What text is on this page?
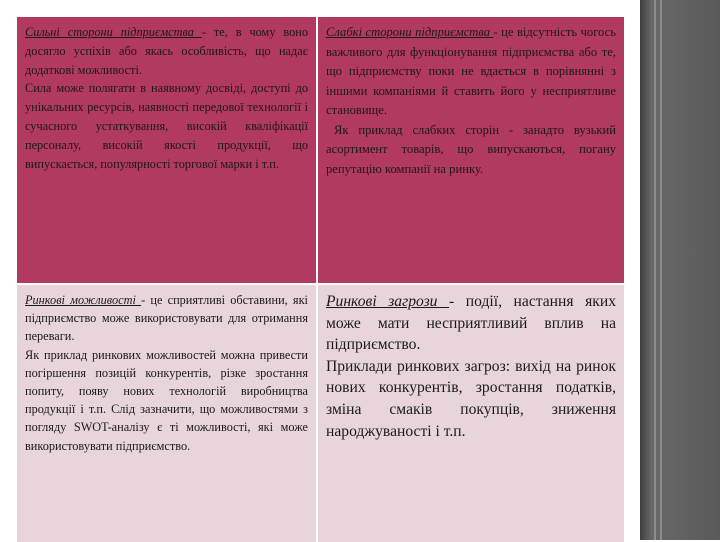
Сильні сторони підприємства - те, в чому воно досягло успіхів або якась особливість, що надає додаткові можливості.

Сила може полягати в наявному досвіді, доступі до унікальних ресурсів, наявності передової технології і сучасного устаткування, високій кваліфікації персоналу, високій якості продукції, що випускається, популярності торгової марки і т.п.

Слабкі сторони підприємства - це відсутність чогось важливого для функціонування підприємства або те, що підприємству поки не вдається в порівнянні з іншими компаніями й ставить його у несприятливе становище.

Як приклад слабких сторін - занадто вузький асортимент товарів, що випускаються, погану репутацію компанії на ринку.

Ринкові можливості - це сприятливі обставини, які підприємство може використовувати для отримання переваги.

Як приклад ринкових можливостей можна привести погіршення позицій конкурентів, різке зростання попиту, появу нових технологій виробництва продукції і т.п. Слід зазначити, що можливостями з погляду SWOT-аналізу є ті можливості, які може використовувати підприємство.

Ринкові загрози - події, настання яких може мати несприятливий вплив на підприємство.

Приклади ринкових загроз: вихід на ринок нових конкурентів, зростання податків, зміна смаків покупців, зниження народжуваності і т.п.
